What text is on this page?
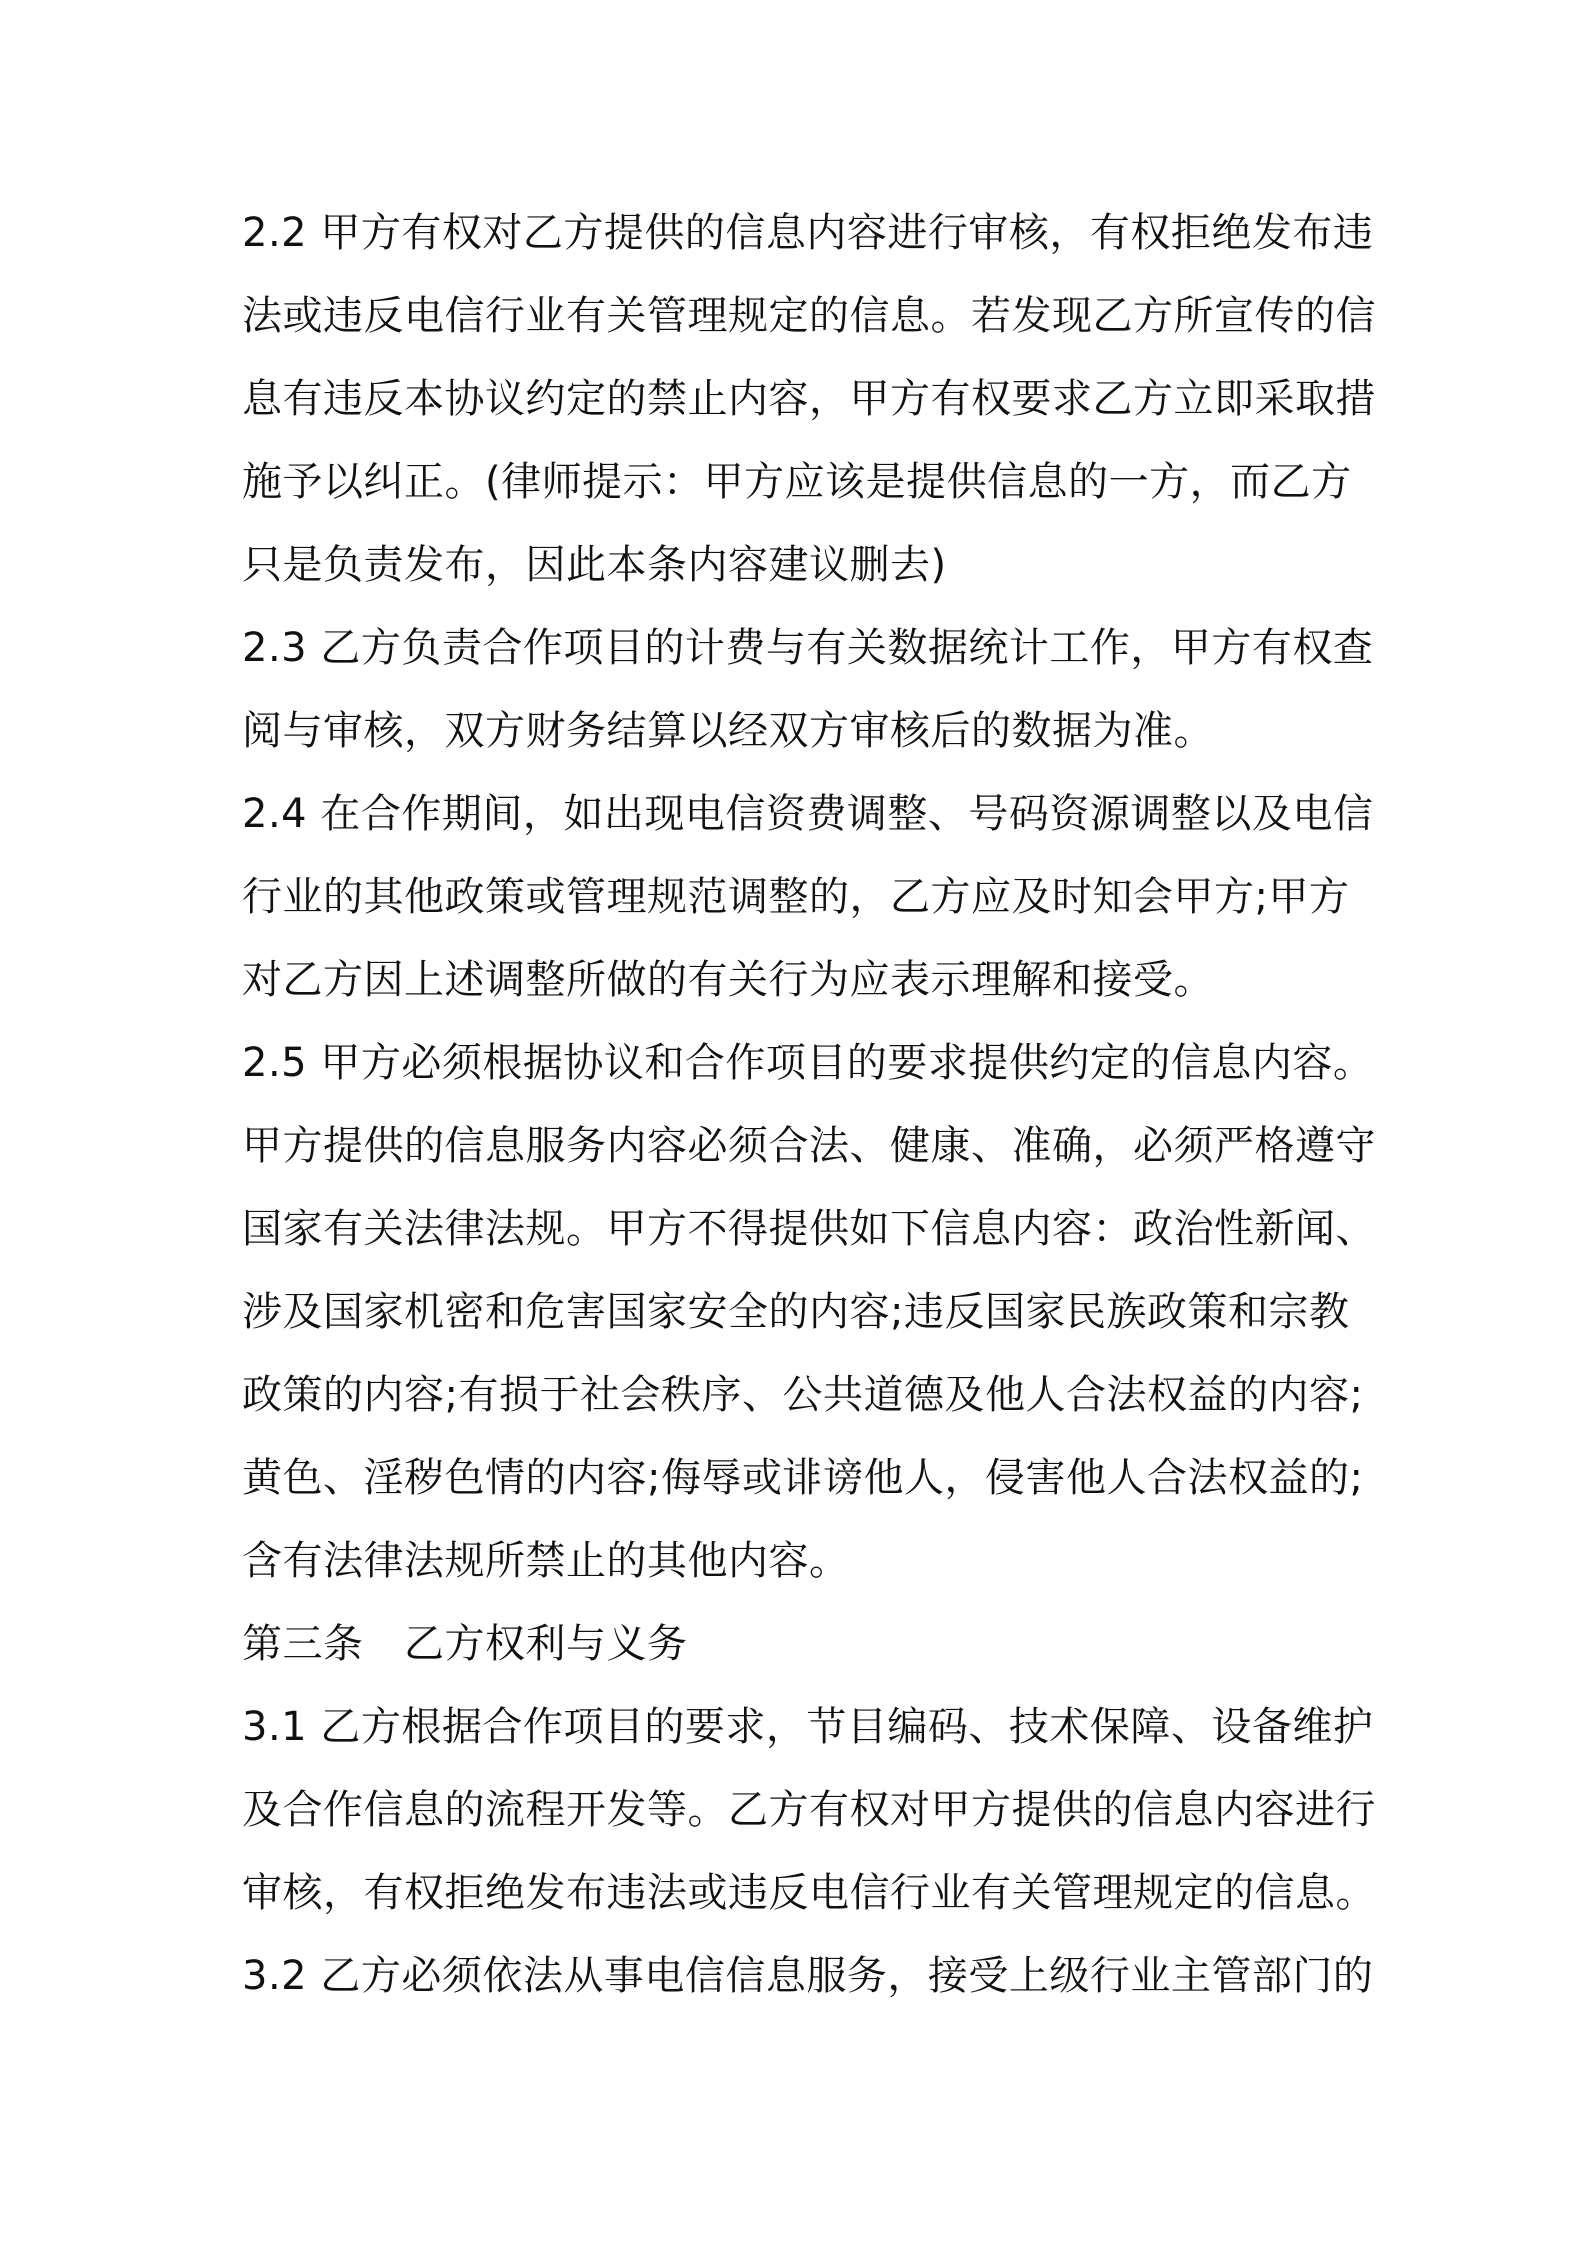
2.2 甲方有权对乙方提供的信息内容进行审核，有权拒绝发布违
法或违反电信行业有关管理规定的信息。若发现乙方所宣传的信
息有违反本协议约定的禁止内容，甲方有权要求乙方立即采取措
施予以纠正。(律师提示：甲方应该是提供信息的一方，而乙方
只是负责发布，因此本条内容建议删去)
2.3 乙方负责合作项目的计费与有关数据统计工作，甲方有权查
阅与审核，双方财务结算以经双方审核后的数据为准。
2.4 在合作期间，如出现电信资费调整、号码资源调整以及电信
行业的其他政策或管理规范调整的，乙方应及时知会甲方;甲方
对乙方因上述调整所做的有关行为应表示理解和接受。
2.5 甲方必须根据协议和合作项目的要求提供约定的信息内容。
甲方提供的信息服务内容必须合法、健康、准确，必须严格遵守
国家有关法律法规。甲方不得提供如下信息内容：政治性新闻、
涉及国家机密和危害国家安全的内容;违反国家民族政策和宗教
政策的内容;有损于社会秩序、公共道德及他人合法权益的内容;
黄色、淫秽色情的内容;侮辱或诽谤他人，侵害他人合法权益的;
含有法律法规所禁止的其他内容。
第三条　乙方权利与义务
3.1 乙方根据合作项目的要求，节目编码、技术保障、设备维护
及合作信息的流程开发等。乙方有权对甲方提供的信息内容进行
审核，有权拒绝发布违法或违反电信行业有关管理规定的信息。
3.2 乙方必须依法从事电信信息服务，接受上级行业主管部门的
